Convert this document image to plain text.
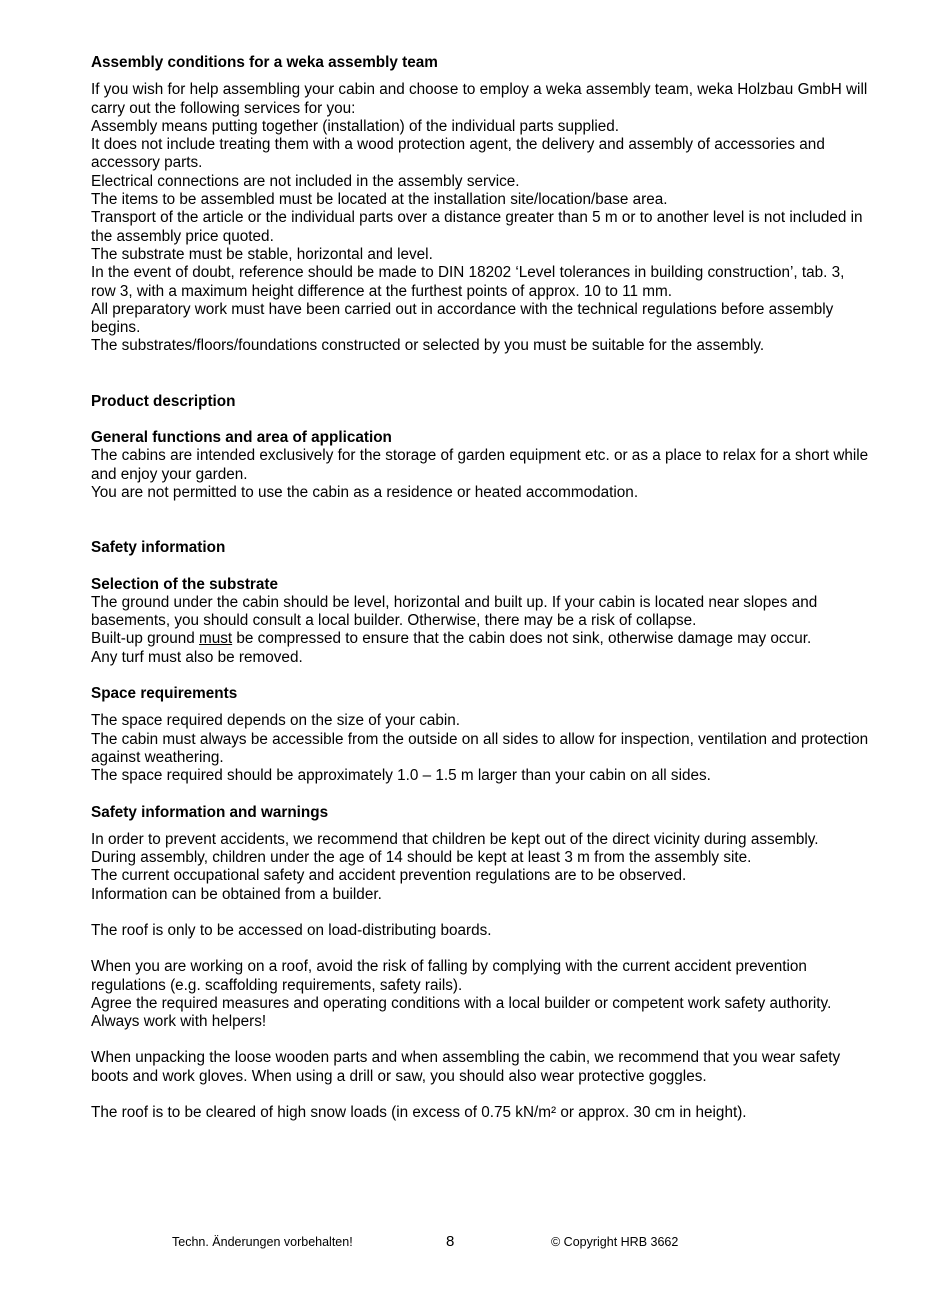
Assembly conditions for a weka assembly team

If you wish for help assembling your cabin and choose to employ a weka assembly team, weka Holzbau GmbH will carry out the following services for you:

Assembly means putting together (installation) of the individual parts supplied.

It does not include treating them with a wood protection agent, the delivery and assembly of accessories and accessory parts.

Electrical connections are not included in the assembly service.

The items to be assembled must be located at the installation site/location/base area.

Transport of the article or the individual parts over a distance greater than 5 m or to another level is not included in the assembly price quoted.

The substrate must be stable, horizontal and level.

In the event of doubt, reference should be made to DIN 18202 ‘Level tolerances in building construction’, tab. 3, row 3, with a maximum height difference at the furthest points of approx. 10 to 11 mm.

All preparatory work must have been carried out in accordance with the technical regulations before assembly begins.

The substrates/floors/foundations constructed or selected by you must be suitable for the assembly.

Product description

General functions and area of application

The cabins are intended exclusively for the storage of garden equipment etc. or as a place to relax for a short while and enjoy your garden.

You are not permitted to use the cabin as a residence or heated accommodation.

Safety information

Selection of the substrate

The ground under the cabin should be level, horizontal and built up. If your cabin is located near slopes and basements, you should consult a local builder. Otherwise, there may be a risk of collapse.

Built-up ground must be compressed to ensure that the cabin does not sink, otherwise damage may occur.

Any turf must also be removed.

Space requirements

The space required depends on the size of your cabin.

The cabin must always be accessible from the outside on all sides to allow for inspection, ventilation and protection against weathering.

The space required should be approximately 1.0 – 1.5 m larger than your cabin on all sides.

Safety information and warnings

In order to prevent accidents, we recommend that children be kept out of the direct vicinity during assembly.

During assembly, children under the age of 14 should be kept at least 3 m from the assembly site.

The current occupational safety and accident prevention regulations are to be observed.

Information can be obtained from a builder.

The roof is only to be accessed on load-distributing boards.

When you are working on a roof, avoid the risk of falling by complying with the current accident prevention regulations (e.g. scaffolding requirements, safety rails).

Agree the required measures and operating conditions with a local builder or competent work safety authority.

Always work with helpers!

When unpacking the loose wooden parts and when assembling the cabin, we recommend that you wear safety boots and work gloves. When using a drill or saw, you should also wear protective goggles.

The roof is to be cleared of high snow loads (in excess of 0.75 kN/m² or approx. 30 cm in height).

Techn. Änderungen vorbehalten!	8	© Copyright HRB 3662
